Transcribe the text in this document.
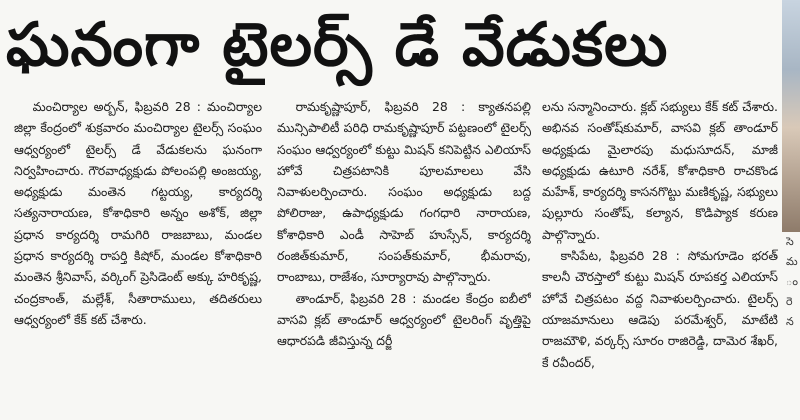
ఘనంగా టైలర్స్ డే వేడుకలు

మంచిర్యాల అర్బన్, ఫిబ్రవరి 28 : మంచిర్యాల జిల్లా కేంద్రంలో శుక్రవారం మంచిర్యాల టైలర్స్ సంఘం ఆధ్వర్యంలో టైలర్స్ డే వేడుకలను ఘనంగా నిర్వహించారు. గౌరవాధ్యక్షుడు పోలంపల్లి అంజయ్య, అధ్యక్షుడు మంతెన గట్టయ్య, కార్యదర్శి సత్యనారాయణ, కోశాధికారి అన్నం అశోక్, జిల్లా ప్రధాన కార్యదర్శి రామగిరి రాజబాబు, మండల ప్రధాన కార్యదర్శి రాపర్తి కిషోర్, మండల కోశాధికారి మంతెన శ్రీనివాస్, వర్కింగ్ ప్రెసిడెంట్ అక్కు హరికృష్ణ, చంద్రకాంత్, మల్లేశ్, సీతారాములు, తదితరులు ఆధ్వర్యంలో కేక్ కట్ చేశారు.

రామకృష్ణాపూర్, ఫిబ్రవరి 28 : క్యాతనపల్లి మున్సిపాలిటీ పరిధి రామకృష్ణాపూర్ పట్టణంలో టైలర్స్ సంఘం ఆధ్వర్యంలో కుట్టు మిషన్ కనిపెట్టిన ఎలియాస్ హోవే చిత్రపటానికి పూలమాలలు వేసి నివాళులర్పించారు. సంఘం అధ్యక్షుడు బద్ద పోలిరాజు, ఉపాధ్యక్షుడు గంగధారి నారాయణ, కోశాధికారి ఎండీ సాహెబ్ హుస్సేన్, కార్యదర్శి రంజిత్‌కుమార్, సంపత్‌కుమార్, భీమరావు, రాంబాబు, రాజేశం, సూర్యారావు పాల్గొన్నారు.

తాండూర్, ఫిబ్రవరి 28 : మండల కేంద్రం ఐబీలో వాసవి క్లబ్ తాండూర్ ఆధ్వర్యంలో టైలరింగ్ వృత్తిపై ఆధారపడి జీవిస్తున్న దర్జీ

లను సన్మానించారు. క్లబ్ సభ్యులు కేక్ కట్ చేశారు. అభినవ సంతోష్‌కుమార్, వాసవి క్లబ్ తాండూర్ అధ్యక్షుడు మైలారపు మధుసూదన్, మాజీ అధ్యక్షుడు ఉటూరి నరేశ్, కోశాధికారి రాచకొండ మహేశ్, కార్యదర్శి కాసనగొట్టు మణికృష్ణ, సభ్యులు పుల్లూరు సంతోష్, కల్యాన, కొడిప్యాక కరుణ పాల్గొన్నారు.

కాసిపేట, ఫిబ్రవరి 28 : సోమగూడెం భరత్ కాలనీ చౌరస్తాలో కుట్టు మిషన్ రూపకర్త ఎలియాస్ హోవే చిత్రపటం వద్ద నివాళులర్పించారు. టైలర్స్ యాజమానులు ఆడెపు పరమేశ్వర్, మాటేటి రాజమౌళి, వర్కర్స్ సూరం రాజిరెడ్డి, దామెర శేఖర్, కే రవీందర్,

సె
మ
ం
రె
న
